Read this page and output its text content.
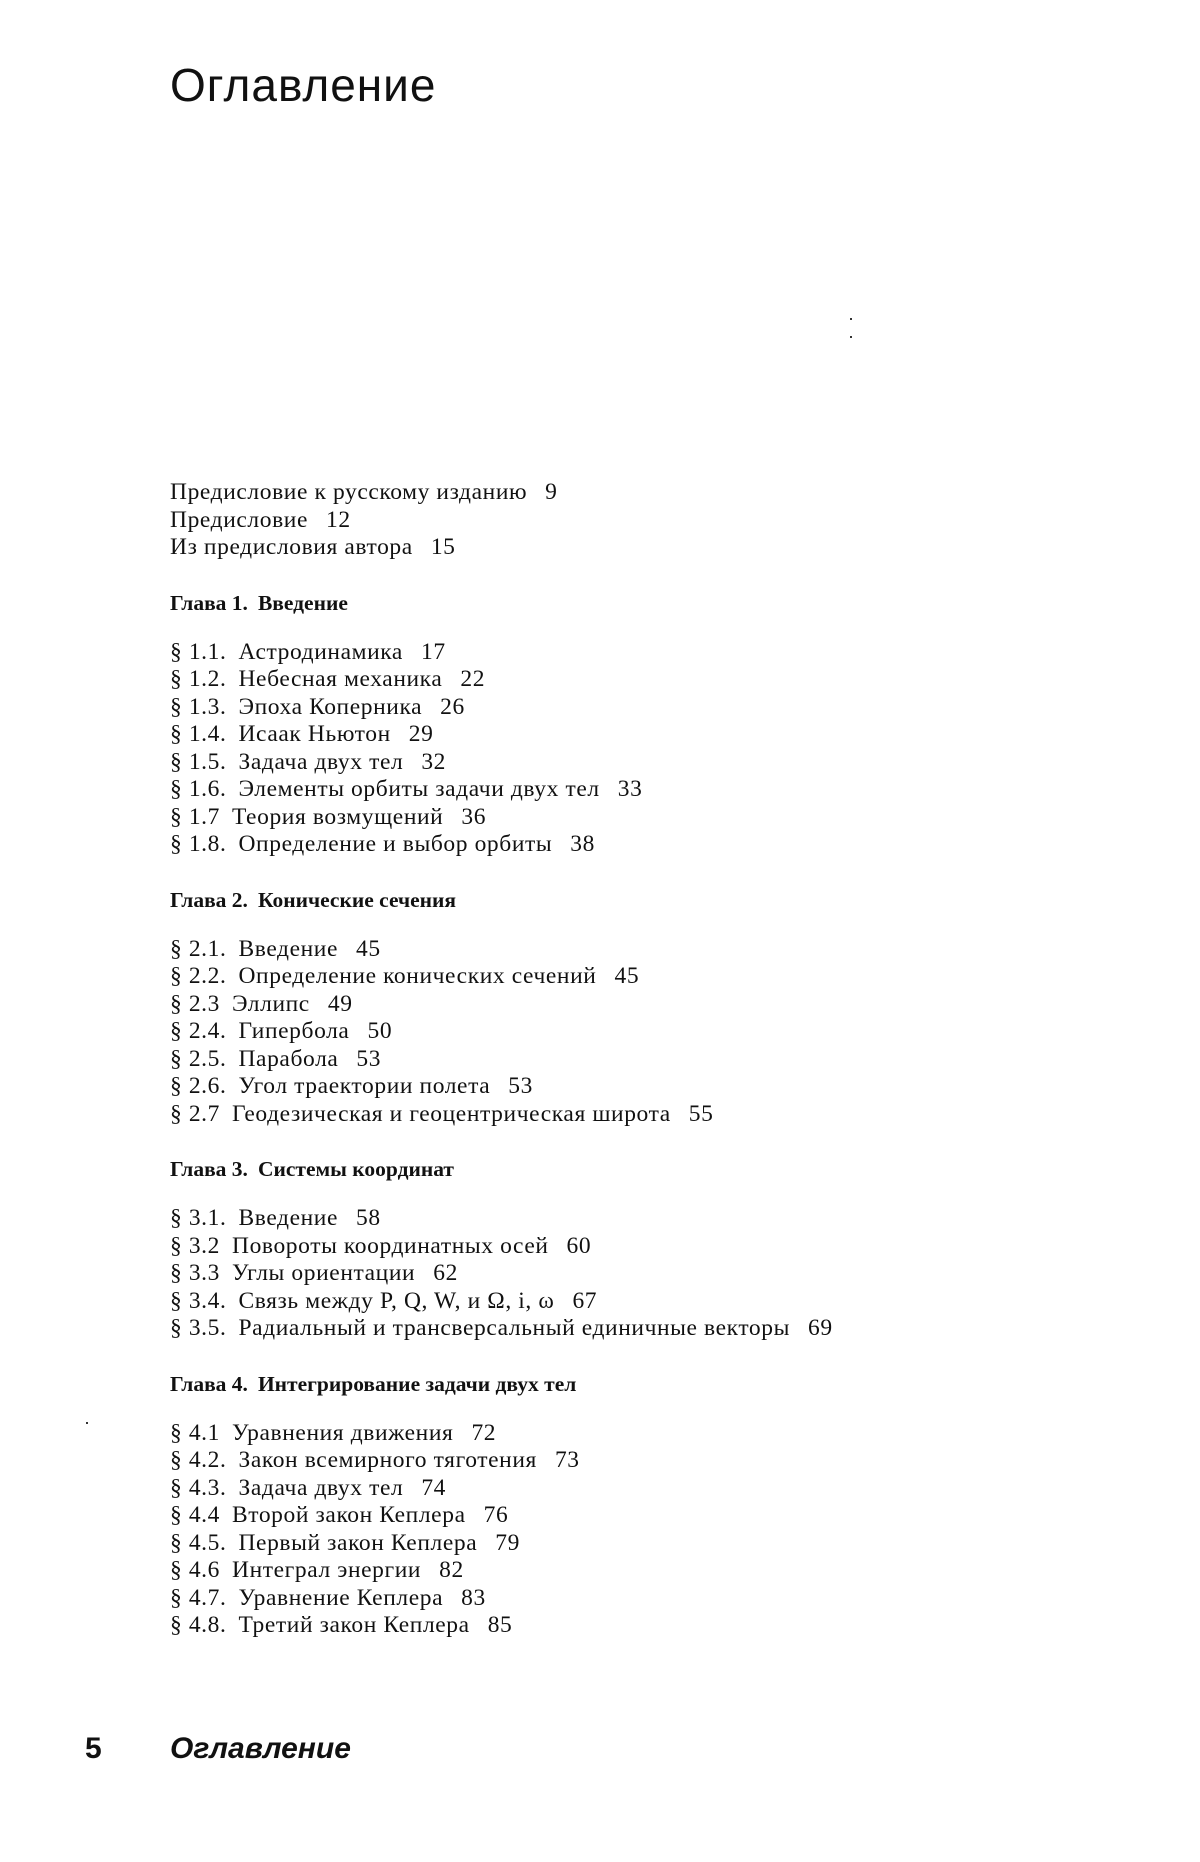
Оглавление
Предисловие к русскому изданию 9
Предисловие 12
Из предисловия автора 15
Глава 1. Введение
§ 1.1. Астродинамика 17
§ 1.2. Небесная механика 22
§ 1.3. Эпоха Коперника 26
§ 1.4. Исаак Ньютон 29
§ 1.5. Задача двух тел 32
§ 1.6. Элементы орбиты задачи двух тел 33
§ 1.7 Теория возмущений 36
§ 1.8. Определение и выбор орбиты 38
Глава 2. Конические сечения
§ 2.1. Введение 45
§ 2.2. Определение конических сечений 45
§ 2.3 Эллипс 49
§ 2.4. Гипербола 50
§ 2.5. Парабола 53
§ 2.6. Угол траектории полета 53
§ 2.7 Геодезическая и геоцентрическая широта 55
Глава 3. Системы координат
§ 3.1. Введение 58
§ 3.2 Повороты координатных осей 60
§ 3.3 Углы ориентации 62
§ 3.4. Связь между P, Q, W, и Ω, i, ω 67
§ 3.5. Радиальный и трансверсальный единичные векторы 69
Глава 4. Интегрирование задачи двух тел
§ 4.1 Уравнения движения 72
§ 4.2. Закон всемирного тяготения 73
§ 4.3. Задача двух тел 74
§ 4.4 Второй закон Кеплера 76
§ 4.5. Первый закон Кеплера 79
§ 4.6 Интеграл энергии 82
§ 4.7. Уравнение Кеплера 83
§ 4.8. Третий закон Кеплера 85
5 Оглавление
